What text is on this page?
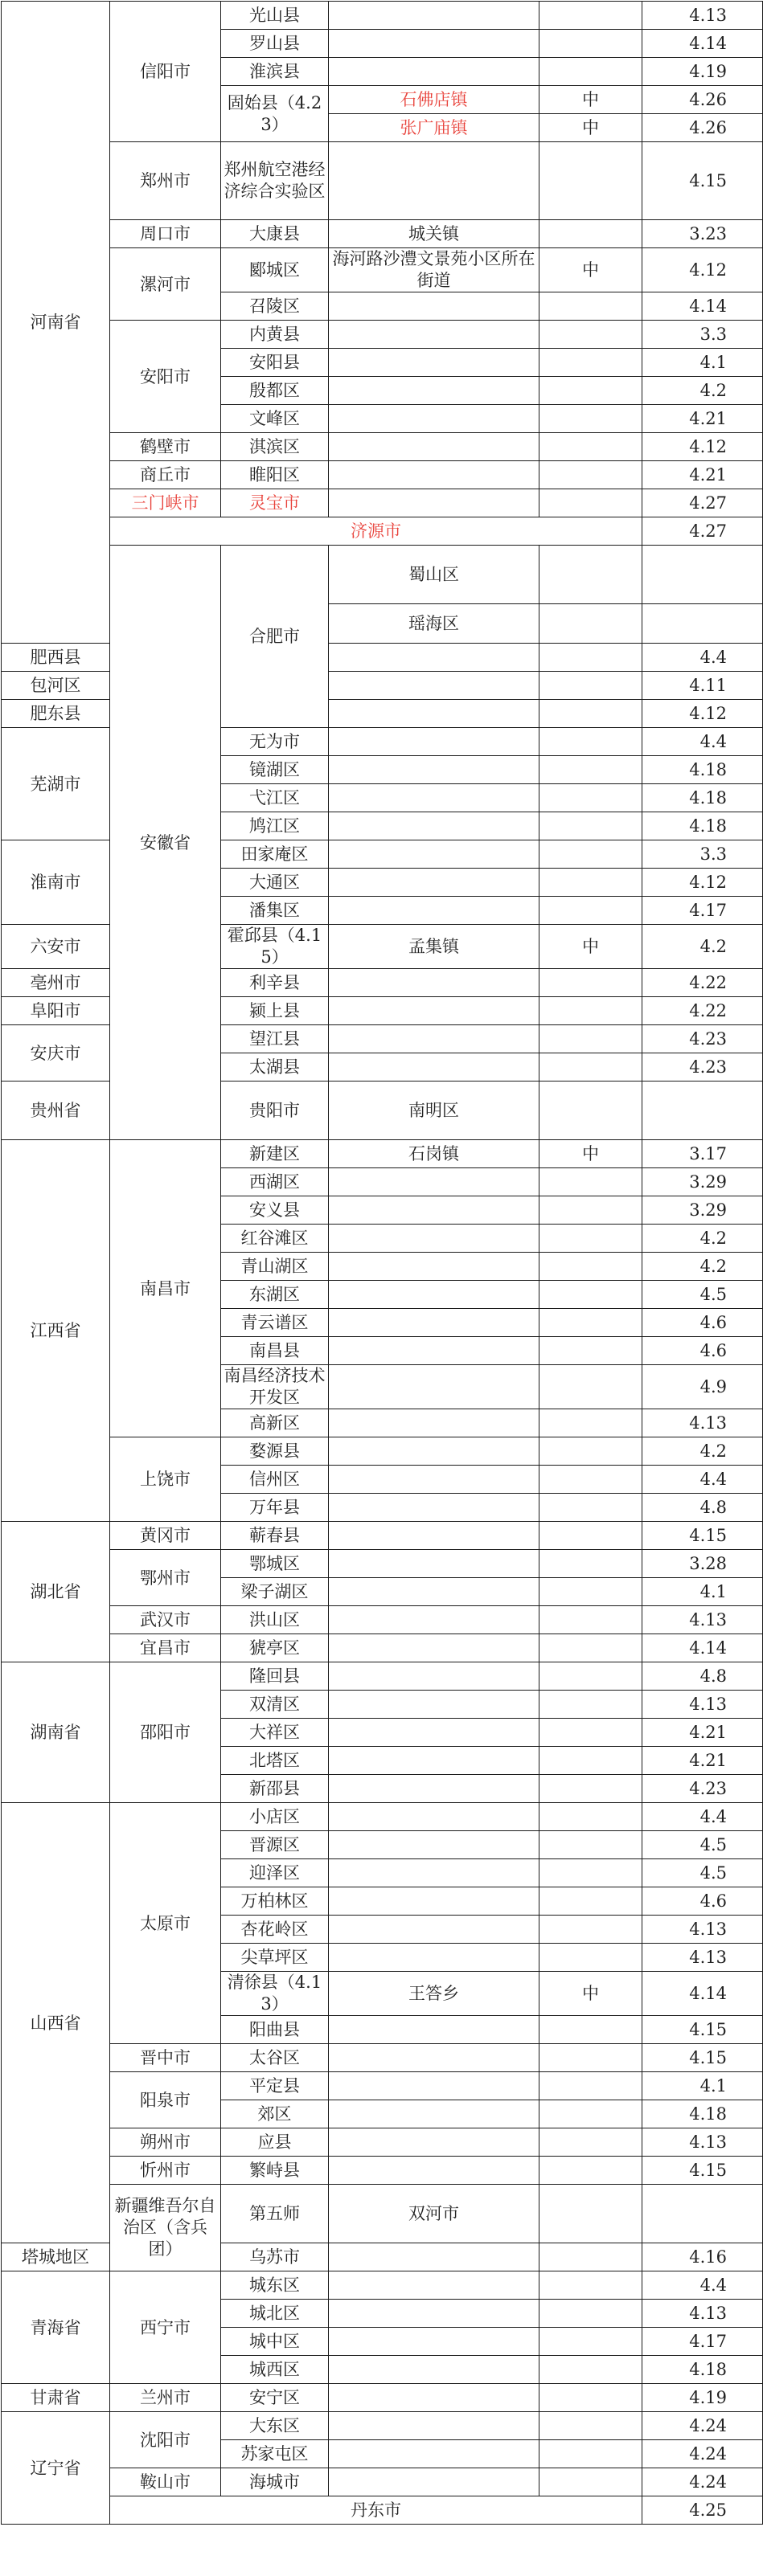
河南省	信阳市	光山县			4.13	
		罗山县			4.14	
		淮滨县			4.19	
		固始县（4.23）	石佛店镇	中	4.26	
			张广庙镇	中	4.26	
	郑州市	郑州航空港经济综合实验区			4.15	
	周口市	大康县	城关镇		3.23	
	漯河市	郾城区	海河路沙澧文景苑小区所在街道	中	4.12	
		召陵区			4.14	
	安阳市	内黄县			3.3	
		安阳县			4.1	
		殷都区			4.2	
		文峰区			4.21	
	鹤壁市	淇滨区			4.12	
	商丘市	睢阳区			4.21	
	三门峡市	灵宝市			4.27	
	济源市				4.27	
	安徽省	合肥市	蜀山区			
			瑶海区			
肥西县					4.4	
包河区					4.11	
肥东县					4.12	
芜湖市		无为市			4.4	
		镜湖区			4.18	
		弋江区			4.18	
		鸠江区			4.18	
淮南市		田家庵区			3.3	
		大通区			4.12	
		潘集区			4.17	
六安市		霍邱县（4.15）	孟集镇	中	4.2	
亳州市		利辛县			4.22	
阜阳市		颍上县			4.22	
安庆市		望江县			4.23	
		太湖县			4.23	
贵州省		贵阳市	南明区			
江西省	南昌市	新建区	石岗镇	中	3.17	
		西湖区			3.29	
		安义县			3.29	
		红谷滩区			4.2	
		青山湖区			4.2	
		东湖区			4.5	
		青云谱区			4.6	
		南昌县			4.6	
		南昌经济技术开发区			4.9	
		高新区			4.13	
	上饶市	婺源县			4.2	
		信州区			4.4	
		万年县			4.8	
湖北省	黄冈市	蕲春县			4.15	
	鄂州市	鄂城区			3.28	
		梁子湖区			4.1	
	武汉市	洪山区			4.13	
	宜昌市	猇亭区			4.14	
湖南省	邵阳市	隆回县			4.8	
		双清区			4.13	
		大祥区			4.21	
		北塔区			4.21	
		新邵县			4.23	
山西省	太原市	小店区			4.4	
		晋源区			4.5	
		迎泽区			4.5	
		万柏林区			4.6	
		杏花岭区			4.13	
		尖草坪区			4.13	
		清徐县（4.13）	王答乡	中	4.14	
		阳曲县			4.15	
	晋中市	太谷区			4.15	
	阳泉市	平定县			4.1	
		郊区			4.18	
	朔州市	应县			4.13	
	忻州市	繁峙县			4.15	
	新疆维吾尔自治区（含兵团）	第五师	双河市			
塔城地区		乌苏市			4.16	
青海省	西宁市	城东区			4.4	
		城北区			4.13	
		城中区			4.17	
		城西区			4.18	
甘肃省	兰州市	安宁区			4.19	
辽宁省	沈阳市	大东区			4.24	
		苏家屯区			4.24	
	鞍山市	海城市			4.24	
	丹东市				4.25	
